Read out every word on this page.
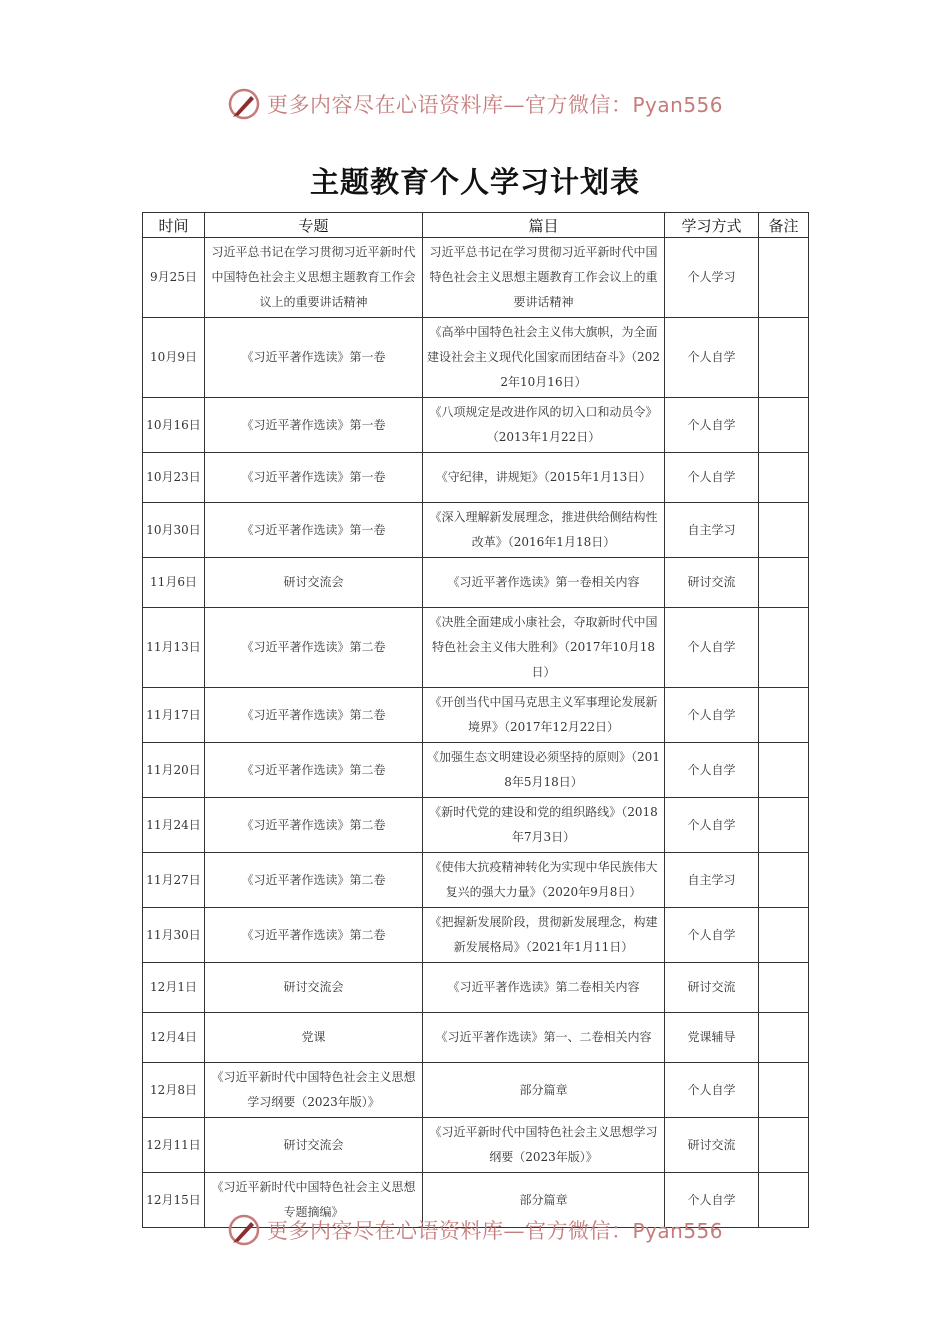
更多内容尽在心语资料库—官方微信：Pyan556
主题教育个人学习计划表
时间	专题	篇目	学习方式	备注
9月25日	习近平总书记在学习贯彻习近平新时代中国特色社会主义思想主题教育工作会议上的重要讲话精神	习近平总书记在学习贯彻习近平新时代中国特色社会主义思想主题教育工作会议上的重要讲话精神	个人学习	
10月9日	《习近平著作选读》第一卷	《高举中国特色社会主义伟大旗帜，为全面建设社会主义现代化国家而团结奋斗》（2022年10月16日）	个人自学	
10月16日	《习近平著作选读》第一卷	《八项规定是改进作风的切入口和动员令》（2013年1月22日）	个人自学	
10月23日	《习近平著作选读》第一卷	《守纪律，讲规矩》（2015年1月13日）	个人自学	
10月30日	《习近平著作选读》第一卷	《深入理解新发展理念，推进供给侧结构性改革》（2016年1月18日）	自主学习	
11月6日	研讨交流会	《习近平著作选读》第一卷相关内容	研讨交流	
11月13日	《习近平著作选读》第二卷	《决胜全面建成小康社会，夺取新时代中国特色社会主义伟大胜利》（2017年10月18日）	个人自学	
11月17日	《习近平著作选读》第二卷	《开创当代中国马克思主义军事理论发展新境界》（2017年12月22日）	个人自学	
11月20日	《习近平著作选读》第二卷	《加强生态文明建设必须坚持的原则》（2018年5月18日）	个人自学	
11月24日	《习近平著作选读》第二卷	《新时代党的建设和党的组织路线》（2018年7月3日）	个人自学	
11月27日	《习近平著作选读》第二卷	《使伟大抗疫精神转化为实现中华民族伟大复兴的强大力量》（2020年9月8日）	自主学习	
11月30日	《习近平著作选读》第二卷	《把握新发展阶段，贯彻新发展理念，构建新发展格局》（2021年1月11日）	个人自学	
12月1日	研讨交流会	《习近平著作选读》第二卷相关内容	研讨交流	
12月4日	党课	《习近平著作选读》第一、二卷相关内容	党课辅导	
12月8日	《习近平新时代中国特色社会主义思想学习纲要（2023年版）》	部分篇章	个人自学	
12月11日	研讨交流会	《习近平新时代中国特色社会主义思想学习纲要（2023年版）》	研讨交流	
12月15日	《习近平新时代中国特色社会主义思想专题摘编》	部分篇章	个人自学	
更多内容尽在心语资料库—官方微信：Pyan556
